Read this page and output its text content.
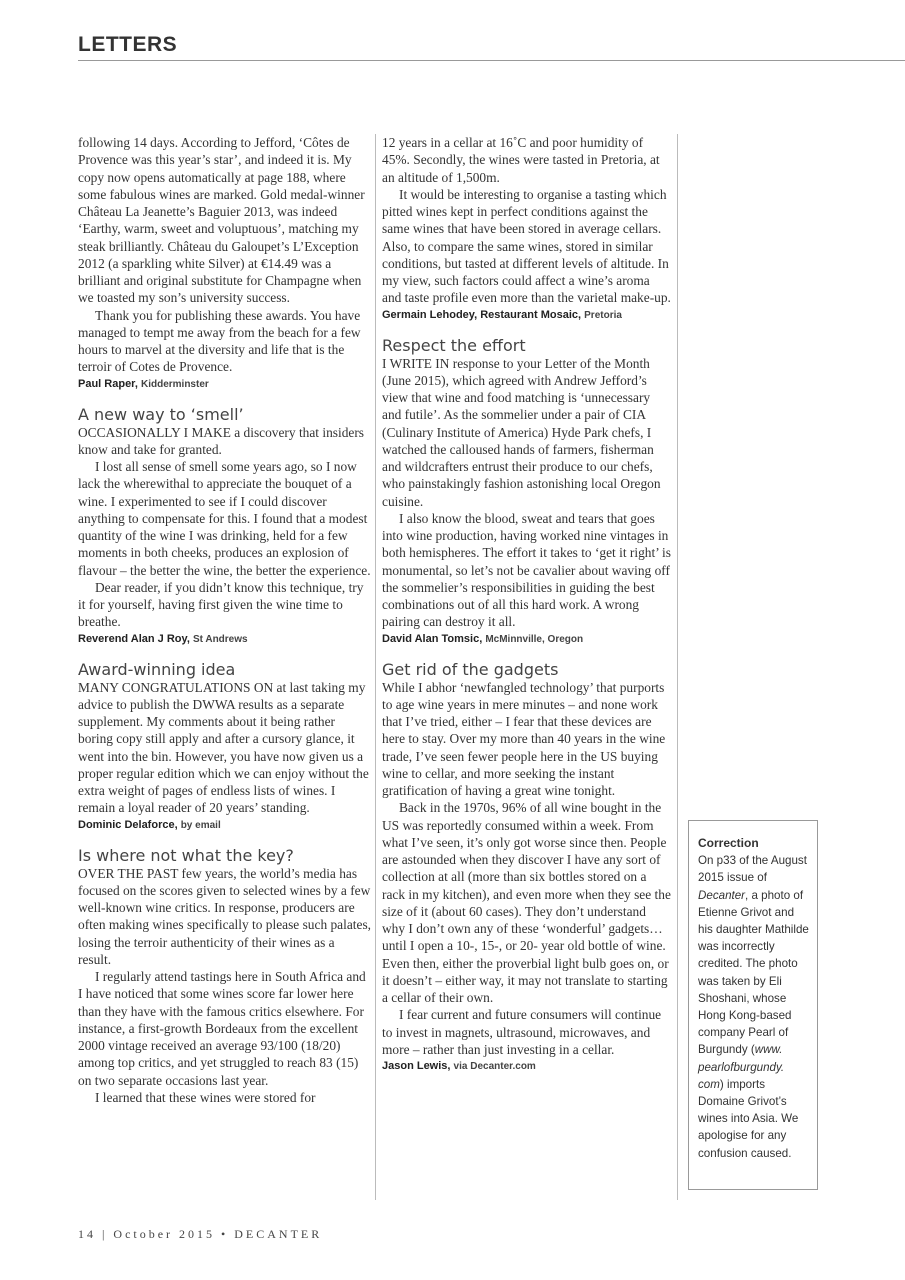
LETTERS

following 14 days. According to Jefford, ‘Côtes de Provence was this year’s star’, and indeed it is. My copy now opens automatically at page 188, where some fabulous wines are marked. Gold medal-winner Château La Jeanette’s Baguier 2013, was indeed ‘Earthy, warm, sweet and voluptuous’, matching my steak brilliantly. Château du Galoupet’s L’Exception 2012 (a sparkling white Silver) at €14.49 was a brilliant and original substitute for Champagne when we toasted my son’s university success.

Thank you for publishing these awards. You have managed to tempt me away from the beach for a few hours to marvel at the diversity and life that is the terroir of Cotes de Provence.

Paul Raper, Kidderminster
A new way to ‘smell’

OCCASIONALLY I MAKE a discovery that insiders know and take for granted.

I lost all sense of smell some years ago, so I now lack the wherewithal to appreciate the bouquet of a wine. I experimented to see if I could discover anything to compensate for this. I found that a modest quantity of the wine I was drinking, held for a few moments in both cheeks, produces an explosion of flavour – the better the wine, the better the experience.

Dear reader, if you didn’t know this technique, try it for yourself, having first given the wine time to breathe.

Reverend Alan J Roy, St Andrews
Award-winning idea

MANY CONGRATULATIONS ON at last taking my advice to publish the DWWA results as a separate supplement. My comments about it being rather boring copy still apply and after a cursory glance, it went into the bin. However, you have now given us a proper regular edition which we can enjoy without the extra weight of pages of endless lists of wines. I remain a loyal reader of 20 years’ standing.

Dominic Delaforce, by email
Is where not what the key?

OVER THE PAST few years, the world’s media has focused on the scores given to selected wines by a few well-known wine critics. In response, producers are often making wines specifically to please such palates, losing the terroir authenticity of their wines as a result.

I regularly attend tastings here in South Africa and I have noticed that some wines score far lower here than they have with the famous critics elsewhere. For instance, a first-growth Bordeaux from the excellent 2000 vintage received an average 93/100 (18/20) among top critics, and yet struggled to reach 83 (15) on two separate occasions last year.

I learned that these wines were stored for

12 years in a cellar at 16˚C and poor humidity of 45%. Secondly, the wines were tasted in Pretoria, at an altitude of 1,500m.

It would be interesting to organise a tasting which pitted wines kept in perfect conditions against the same wines that have been stored in average cellars. Also, to compare the same wines, stored in similar conditions, but tasted at different levels of altitude. In my view, such factors could affect a wine’s aroma and taste profile even more than the varietal make-up.

Germain Lehodey, Restaurant Mosaic, Pretoria
Respect the effort

I WRITE IN response to your Letter of the Month (June 2015), which agreed with Andrew Jefford’s view that wine and food matching is ‘unnecessary and futile’. As the sommelier under a pair of CIA (Culinary Institute of America) Hyde Park chefs, I watched the calloused hands of farmers, fisherman and wildcrafters entrust their produce to our chefs, who painstakingly fashion astonishing local Oregon cuisine.

I also know the blood, sweat and tears that goes into wine production, having worked nine vintages in both hemispheres. The effort it takes to ‘get it right’ is monumental, so let’s not be cavalier about waving off the sommelier’s responsibilities in guiding the best combinations out of all this hard work. A wrong pairing can destroy it all.

David Alan Tomsic, McMinnville, Oregon
Get rid of the gadgets

While I abhor ‘newfangled technology’ that purports to age wine years in mere minutes – and none work that I’ve tried, either – I fear that these devices are here to stay. Over my more than 40 years in the wine trade, I’ve seen fewer people here in the US buying wine to cellar, and more seeking the instant gratification of having a great wine tonight.

Back in the 1970s, 96% of all wine bought in the US was reportedly consumed within a week. From what I’ve seen, it’s only got worse since then. People are astounded when they discover I have any sort of collection at all (more than six bottles stored on a rack in my kitchen), and even more when they see the size of it (about 60 cases). They don’t understand why I don’t own any of these ‘wonderful’ gadgets… until I open a 10-, 15-, or 20- year old bottle of wine. Even then, either the proverbial light bulb goes on, or it doesn’t – either way, it may not translate to starting a cellar of their own.

I fear current and future consumers will continue to invest in magnets, ultrasound, microwaves, and more – rather than just investing in a cellar.

Jason Lewis, via Decanter.com
Correction
On p33 of the August 2015 issue of Decanter, a photo of Etienne Grivot and his daughter Mathilde was incorrectly credited. The photo was taken by Eli Shoshani, whose Hong Kong-based company Pearl of Burgundy (www. pearlofburgundy. com) imports Domaine Grivot’s wines into Asia. We apologise for any confusion caused.
14 | October 2015 • DECANTER
